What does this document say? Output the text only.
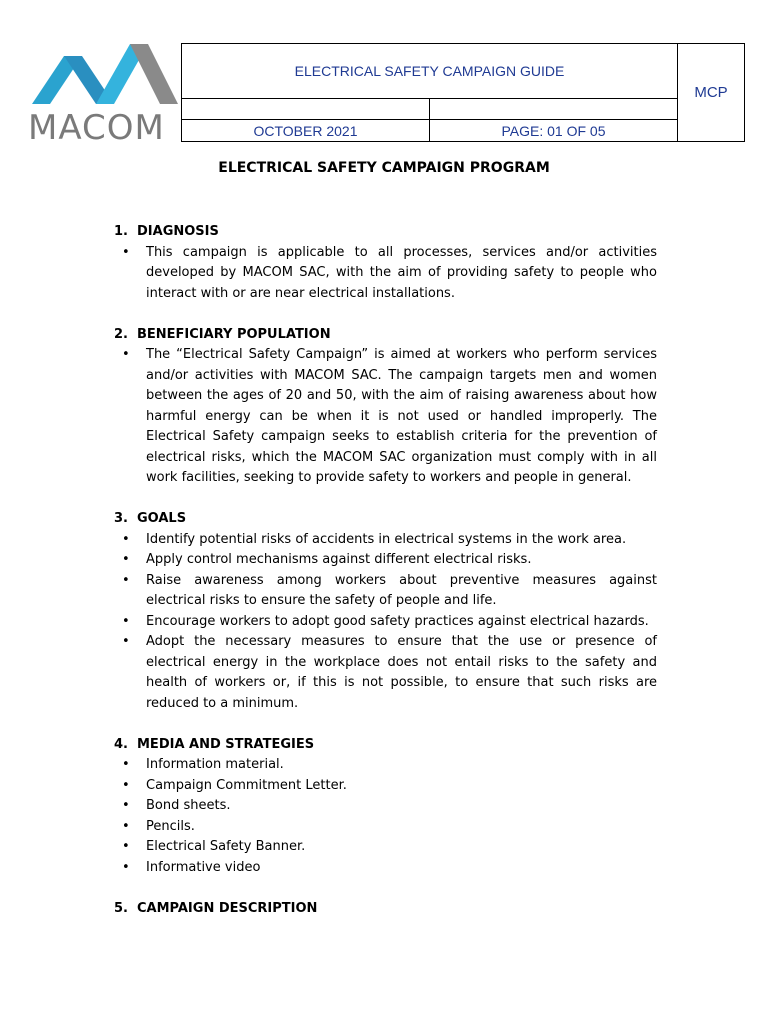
MACOM
ELECTRICAL SAFETY CAMPAIGN GUIDE		MCP

OCTOBER 2021	PAGE: 01 OF 05	
ELECTRICAL SAFETY CAMPAIGN PROGRAM

1. DIAGNOSIS

• This campaign is applicable to all processes, services and/or activities developed by MACOM SAC, with the aim of providing safety to people who interact with or are near electrical installations.

2. BENEFICIARY POPULATION

• The “Electrical Safety Campaign” is aimed at workers who perform services and/or activities with MACOM SAC. The campaign targets men and women between the ages of 20 and 50, with the aim of raising awareness about how harmful energy can be when it is not used or handled improperly. The Electrical Safety campaign seeks to establish criteria for the prevention of electrical risks, which the MACOM SAC organization must comply with in all work facilities, seeking to provide safety to workers and people in general.

3. GOALS

• Identify potential risks of accidents in electrical systems in the work area.
• Apply control mechanisms against different electrical risks.
• Raise awareness among workers about preventive measures against electrical risks to ensure the safety of people and life.
• Encourage workers to adopt good safety practices against electrical hazards.
• Adopt the necessary measures to ensure that the use or presence of electrical energy in the workplace does not entail risks to the safety and health of workers or, if this is not possible, to ensure that such risks are reduced to a minimum.

4. MEDIA AND STRATEGIES

• Information material.
• Campaign Commitment Letter.
• Bond sheets.
• Pencils.
• Electrical Safety Banner.
• Informative video

5. CAMPAIGN DESCRIPTION
